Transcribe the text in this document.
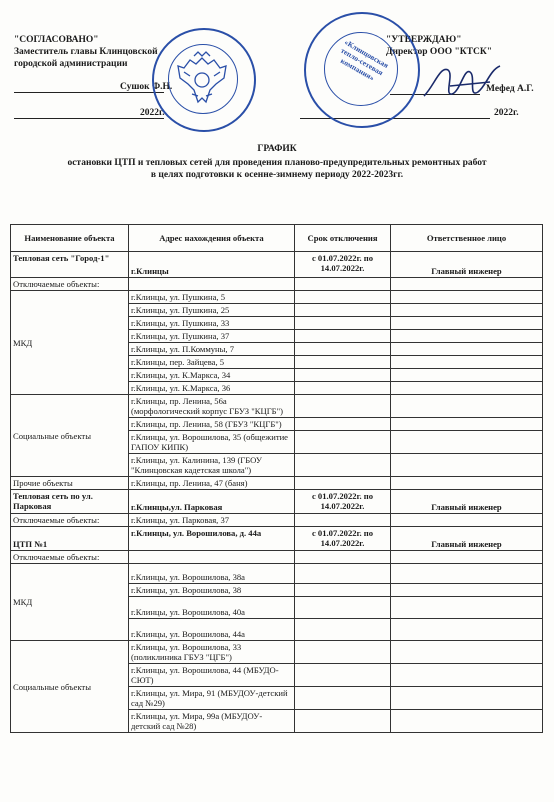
"СОГЛАСОВАНО"
Заместитель главы Клинцовской
городской администрации
Сушок Ф.Н.
2022г.
"УТВЕРЖДАЮ"
Директор ООО "КТСК"
Мефед А.Г.
2022г.
«Клинцовская тепло-сетевая компания»
ГРАФИК
остановки ЦТП и тепловых сетей для проведения планово-предупредительных ремонтных работ
в целях подготовки к осенне-зимнему периоду 2022-2023гг.
Наименование объекта	Адрес нахождения объекта	Срок отключения	Ответственное лицо
Тепловая сеть "Город-1"	г.Клинцы	с 01.07.2022г. по 14.07.2022г.	Главный инженер
Отключаемые объекты:			
МКД	г.Клинцы, ул. Пушкина, 5		
	г.Клинцы, ул. Пушкина, 25		
	г.Клинцы, ул. Пушкина, 33		
	г.Клинцы, ул. Пушкина, 37		
	г.Клинцы, ул. П.Коммуны, 7		
	г.Клинцы, пер. Зайцева, 5		
	г.Клинцы, ул. К.Маркса, 34		
	г.Клинцы, ул. К.Маркса, 36		
Социальные объекты	г.Клинцы, пр. Ленина, 56а (морфологический корпус ГБУЗ "КЦГБ")		
	г.Клинцы, пр. Ленина, 58 (ГБУЗ "КЦГБ")		
	г.Клинцы, ул. Ворошилова, 35 (общежитие ГАПОУ КИПК)		
	г.Клинцы, ул. Калинина, 139 (ГБОУ "Клинцовская кадетская школа")		
Прочие объекты	г.Клинцы, пр. Ленина, 47 (баня)		
Тепловая сеть по ул. Парковая	г.Клинцы,ул. Парковая	с 01.07.2022г. по 14.07.2022г.	Главный инженер
Отключаемые объекты:	г.Клинцы, ул. Парковая, 37		
ЦТП №1	г.Клинцы, ул. Ворошилова, д. 44а	с 01.07.2022г. по 14.07.2022г.	Главный инженер
Отключаемые объекты:			
МКД	г.Клинцы, ул. Ворошилова, 38а		
	г.Клинцы, ул. Ворошилова, 38		
	г.Клинцы, ул. Ворошилова, 40а		
	г.Клинцы, ул. Ворошилова, 44а		
Социальные объекты	г.Клинцы, ул. Ворошилова, 33 (поликлиника ГБУЗ "ЦГБ")		
	г.Клинцы, ул. Ворошилова, 44 (МБУДО-СЮТ)		
	г.Клинцы, ул. Мира, 91 (МБУДОУ-детский сад №29)		
	г.Клинцы, ул. Мира, 99а (МБУДОУ- детский сад №28)		
